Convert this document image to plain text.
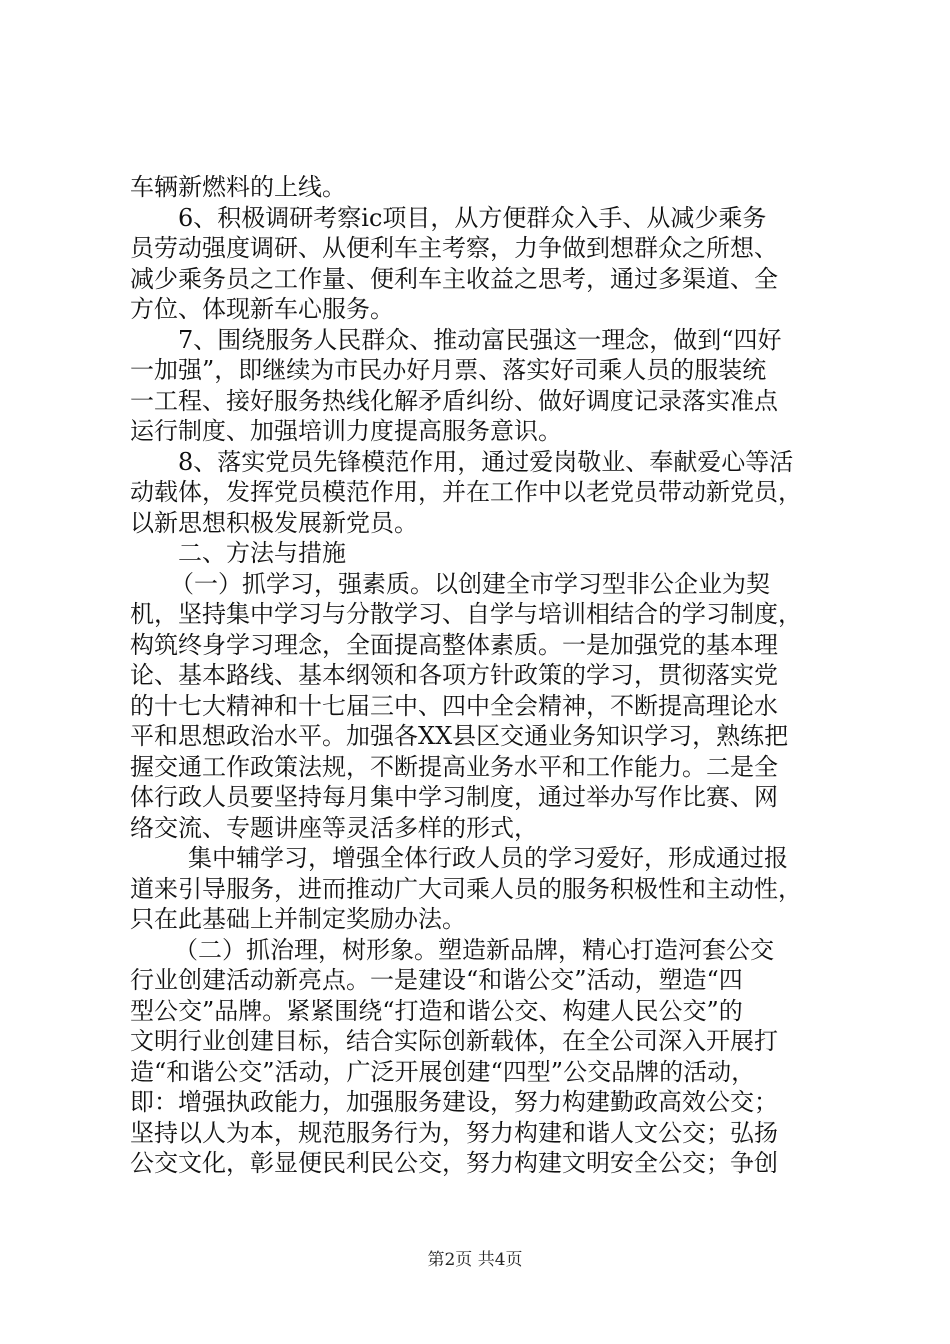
车辆新燃料的上线。
6、积极调研考察ic项目，从方便群众入手、从减少乘务
员劳动强度调研、从便利车主考察，力争做到想群众之所想、
减少乘务员之工作量、便利车主收益之思考，通过多渠道、全
方位、体现新车心服务。
7、围绕服务人民群众、推动富民强这一理念，做到“四好
一加强”，即继续为市民办好月票、落实好司乘人员的服装统
一工程、接好服务热线化解矛盾纠纷、做好调度记录落实准点
运行制度、加强培训力度提高服务意识。
8、落实党员先锋模范作用，通过爱岗敬业、奉献爱心等活
动载体，发挥党员模范作用，并在工作中以老党员带动新党员，
以新思想积极发展新党员。
二、方法与措施
（一）抓学习，强素质。以创建全市学习型非公企业为契
机，坚持集中学习与分散学习、自学与培训相结合的学习制度，
构筑终身学习理念，全面提高整体素质。一是加强党的基本理
论、基本路线、基本纲领和各项方针政策的学习，贯彻落实党
的十七大精神和十七届三中、四中全会精神，不断提高理论水
平和思想政治水平。加强各XX县区交通业务知识学习，熟练把
握交通工作政策法规，不断提高业务水平和工作能力。二是全
体行政人员要坚持每月集中学习制度，通过举办写作比赛、网
络交流、专题讲座等灵活多样的形式，
集中辅学习，增强全体行政人员的学习爱好，形成通过报
道来引导服务，进而推动广大司乘人员的服务积极性和主动性，
只在此基础上并制定奖励办法。
（二）抓治理，树形象。塑造新品牌，精心打造河套公交
行业创建活动新亮点。一是建设“和谐公交”活动，塑造“四
型公交”品牌。紧紧围绕“打造和谐公交、构建人民公交”的
文明行业创建目标，结合实际创新载体，在全公司深入开展打
造“和谐公交”活动，广泛开展创建“四型”公交品牌的活动，
即：增强执政能力，加强服务建设，努力构建勤政高效公交；
坚持以人为本，规范服务行为，努力构建和谐人文公交；弘扬
公交文化，彰显便民利民公交，努力构建文明安全公交；争创
第2页 共4页
